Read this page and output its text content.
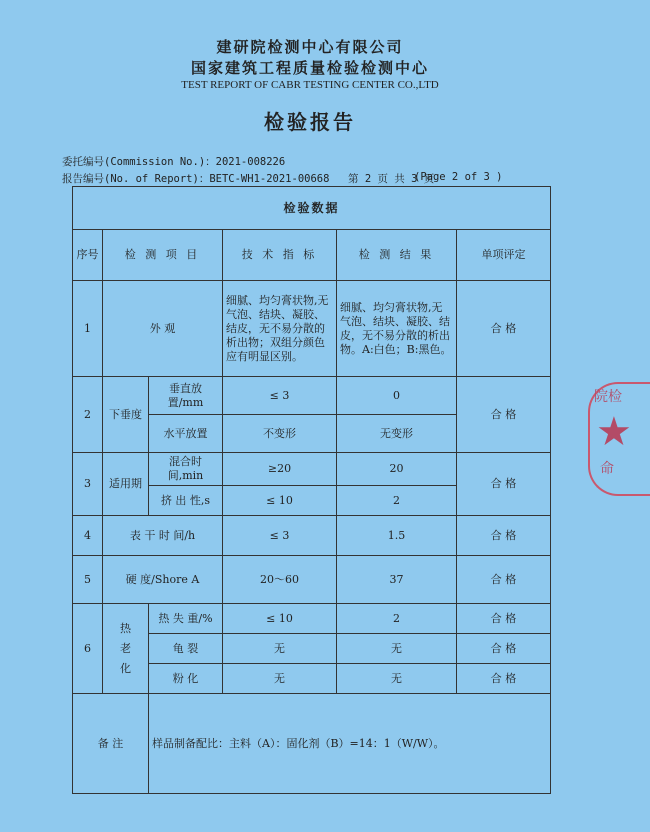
建研院检测中心有限公司
国家建筑工程质量检验检测中心
TEST REPORT OF CABR TESTING CENTER CO.,LTD
检验报告
委托编号(Commission No.)：2021-008226
报告编号(No. of Report)：BETC-WH1-2021-00668 第 2 页 共 3 页
(Page 2 of 3 )
检验数据					
序号	检 测 项 目		技 术 指 标	检 测 结 果	单项评定
1	外 观		细腻、均匀膏状物,无气泡、结块、凝胶、结皮，无不易分散的析出物；双组分颜色应有明显区别。	细腻、均匀膏状物,无气泡、结块、凝胶、结皮，无不易分散的析出物。A:白色；B:黑色。	合 格
2	下垂度	垂直放置/mm	≤ 3	0	合 格
		水平放置	不变形	无变形	
3	适用期	混合时间,min	≥20	20	合 格
		挤 出 性,s	≤ 10	2	
4	表 干 时 间/h		≤ 3	1.5	合 格
5	硬 度/Shore A		20～60	37	合 格
6	热
老
化	热 失 重/%	≤ 10	2	合 格
		龟 裂	无	无	合 格
		粉 化	无	无	合 格
备 注		样品制备配比：主料（A）：固化剂（B）=14：1（W/W）。			
院检
★
命
